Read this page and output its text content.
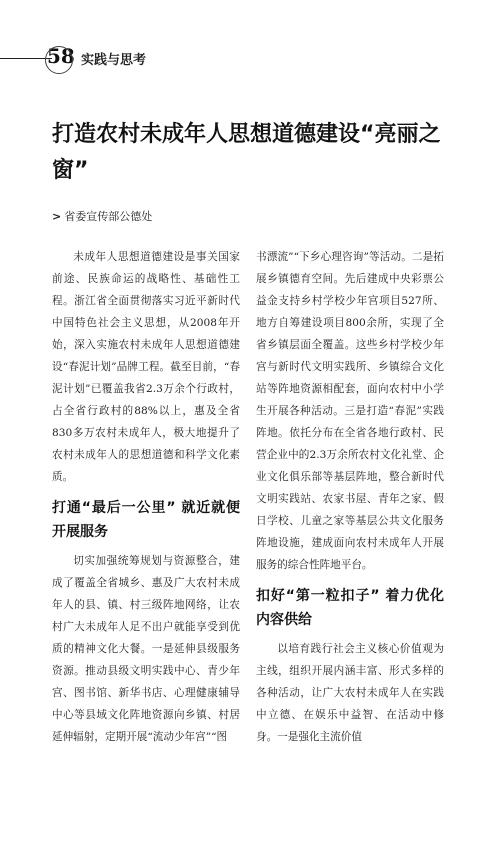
58 实践与思考
打造农村未成年人思想道德建设“亮丽之窗”
> 省委宣传部公德处

未成年人思想道德建设是事关国家前途、民族命运的战略性、基础性工程。浙江省全面贯彻落实习近平新时代中国特色社会主义思想，从2008年开始，深入实施农村未成年人思想道德建设“春泥计划”品牌工程。截至目前，“春泥计划”已覆盖我省2.3万余个行政村，占全省行政村的88%以上，惠及全省830多万农村未成年人，极大地提升了农村未成年人的思想道德和科学文化素质。

打通“最后一公里” 就近就便开展服务

切实加强统筹规划与资源整合，建成了覆盖全省城乡、惠及广大农村未成年人的县、镇、村三级阵地网络，让农村广大未成年人足不出户就能享受到优质的精神文化大餐。一是延伸县级服务资源。推动县级文明实践中心、青少年宫、图书馆、新华书店、心理健康辅导中心等县域文化阵地资源向乡镇、村居延伸辐射，定期开展“流动少年宫”“图

书漂流”“下乡心理咨询”等活动。二是拓展乡镇德育空间。先后建成中央彩票公益金支持乡村学校少年宫项目527所、地方自筹建设项目800余所，实现了全省乡镇层面全覆盖。这些乡村学校少年宫与新时代文明实践所、乡镇综合文化站等阵地资源相配套，面向农村中小学生开展各种活动。三是打造“春泥”实践阵地。依托分布在全省各地行政村、民营企业中的2.3万余所农村文化礼堂、企业文化俱乐部等基层阵地，整合新时代文明实践站、农家书屋、青年之家、假日学校、儿童之家等基层公共文化服务阵地设施，建成面向农村未成年人开展服务的综合性阵地平台。

扣好“第一粒扣子” 着力优化内容供给

以培育践行社会主义核心价值观为主线，组织开展内涵丰富、形式多样的各种活动，让广大农村未成年人在实践中立德、在娱乐中益智、在活动中修身。一是强化主流价值
